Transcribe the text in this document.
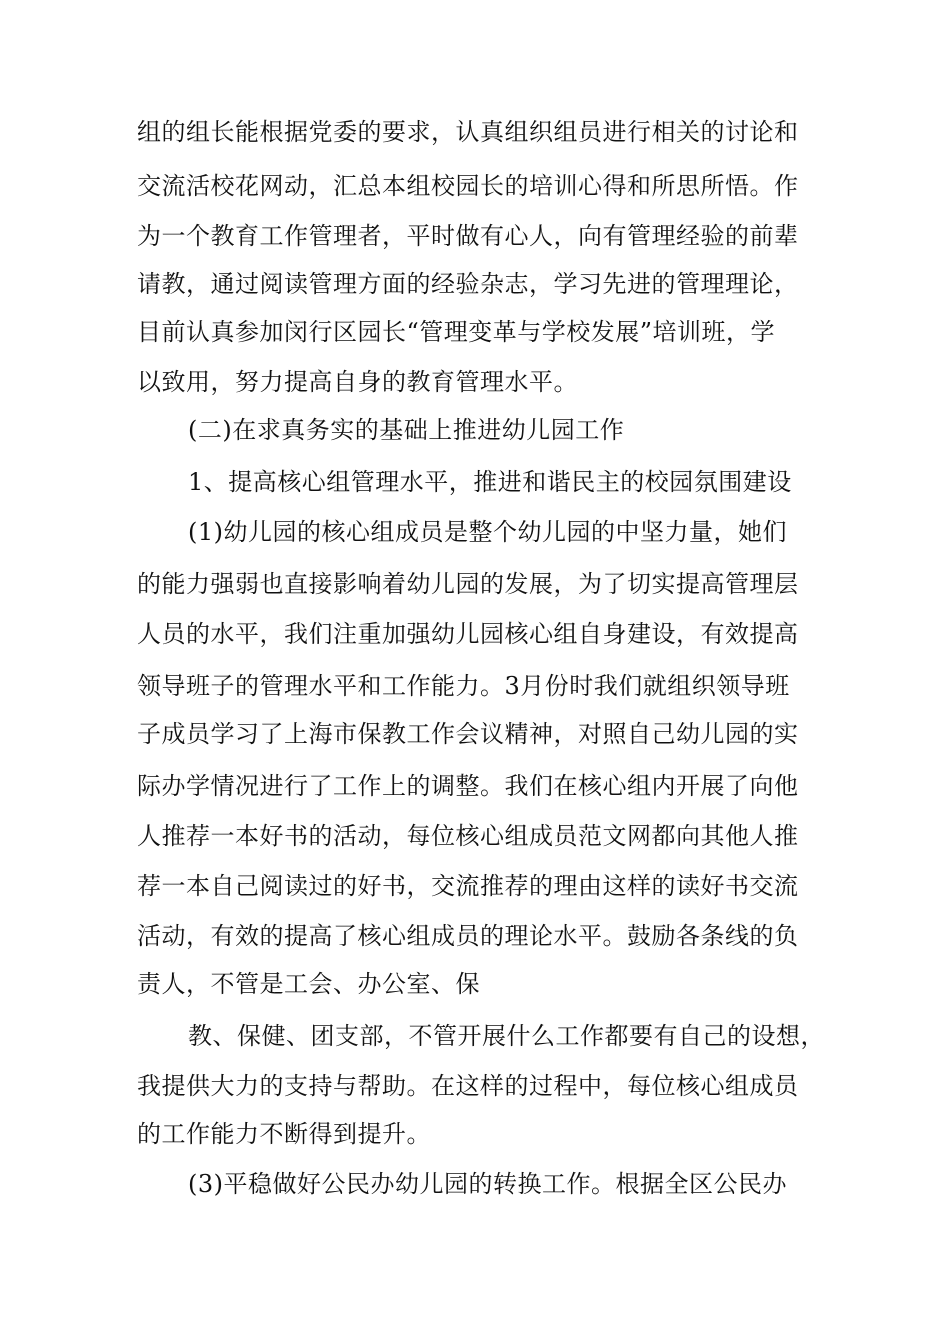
组的组长能根据党委的要求，认真组织组员进行相关的讨论和
交流活校花网动，汇总本组校园长的培训心得和所思所悟。作
为一个教育工作管理者，平时做有心人，向有管理经验的前辈
请教，通过阅读管理方面的经验杂志，学习先进的管理理论，
目前认真参加闵行区园长“管理变革与学校发展”培训班，学
以致用，努力提高自身的教育管理水平。
(二)在求真务实的基础上推进幼儿园工作
1、提高核心组管理水平，推进和谐民主的校园氛围建设
(1)幼儿园的核心组成员是整个幼儿园的中坚力量，她们
的能力强弱也直接影响着幼儿园的发展，为了切实提高管理层
人员的水平，我们注重加强幼儿园核心组自身建设，有效提高
领导班子的管理水平和工作能力。3月份时我们就组织领导班
子成员学习了上海市保教工作会议精神，对照自己幼儿园的实
际办学情况进行了工作上的调整。我们在核心组内开展了向他
人推荐一本好书的活动，每位核心组成员范文网都向其他人推
荐一本自己阅读过的好书，交流推荐的理由这样的读好书交流
活动，有效的提高了核心组成员的理论水平。鼓励各条线的负
责人，不管是工会、办公室、保
教、保健、团支部，不管开展什么工作都要有自己的设想，
我提供大力的支持与帮助。在这样的过程中，每位核心组成员
的工作能力不断得到提升。
(3)平稳做好公民办幼儿园的转换工作。根据全区公民办
